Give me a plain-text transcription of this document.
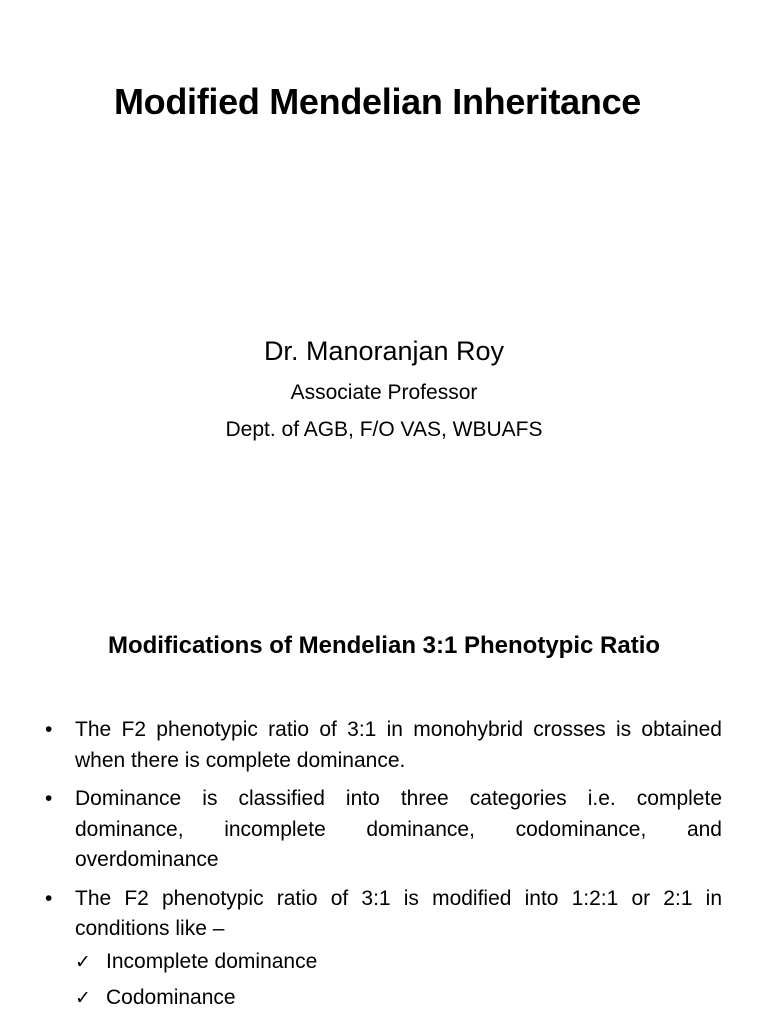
Modified Mendelian Inheritance
Dr. Manoranjan Roy
Associate Professor
Dept. of AGB, F/O VAS, WBUAFS
Modifications of Mendelian 3:1 Phenotypic Ratio
•	The F2 phenotypic ratio of 3:1 in monohybrid crosses is obtained when there is complete dominance.
•	Dominance is classified into three categories i.e. complete dominance, incomplete dominance, codominance, and overdominance
•	The F2 phenotypic ratio of 3:1 is modified into 1:2:1 or 2:1 in conditions like –
✓ Incomplete dominance
✓ Codominance
